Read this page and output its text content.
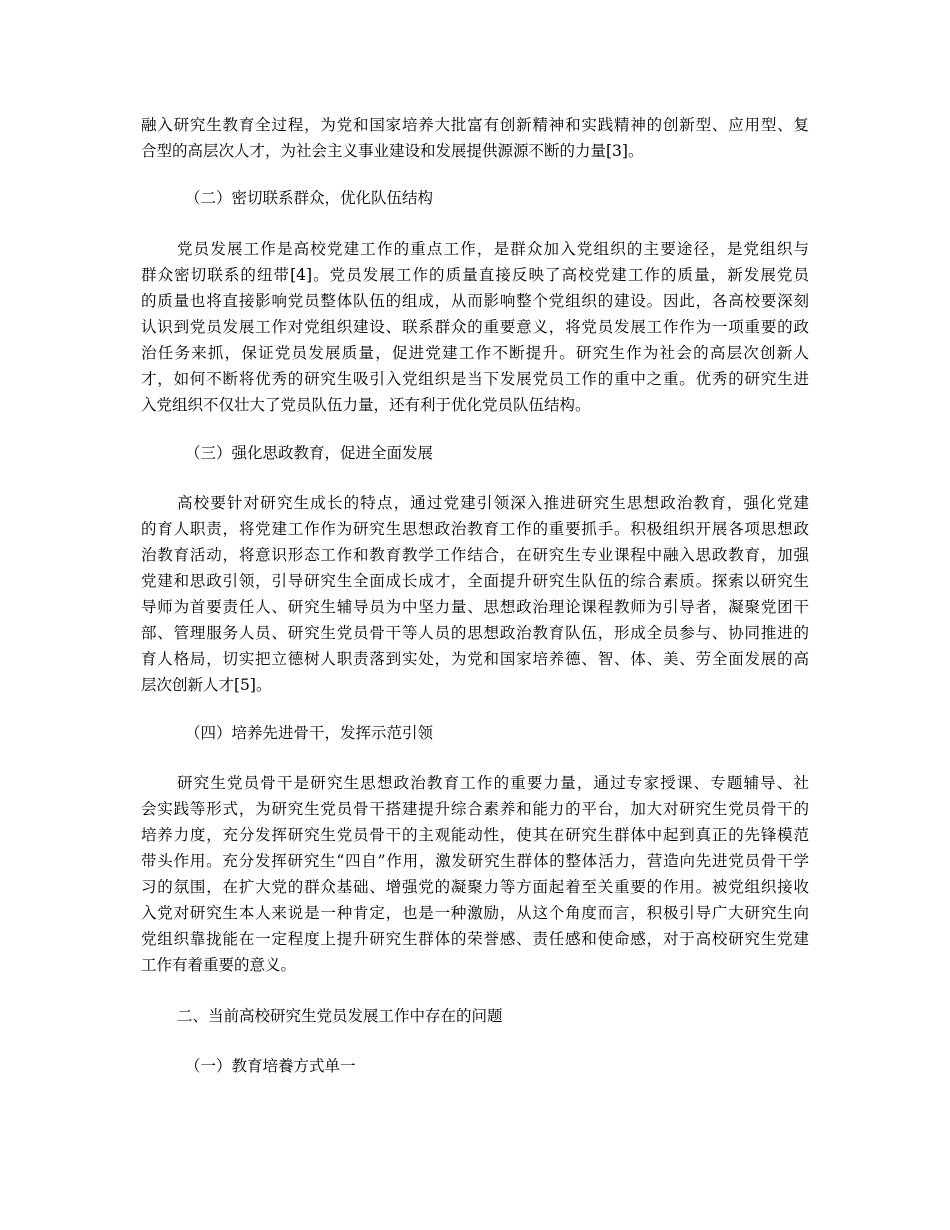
融入研究生教育全过程，为党和国家培养大批富有创新精神和实践精神的创新型、应用型、复
合型的高层次人才，为社会主义事业建设和发展提供源源不断的力量[3]。
（二）密切联系群众，优化队伍结构
党员发展工作是高校党建工作的重点工作，是群众加入党组织的主要途径，是党组织与
群众密切联系的纽带[4]。党员发展工作的质量直接反映了高校党建工作的质量，新发展党员
的质量也将直接影响党员整体队伍的组成，从而影响整个党组织的建设。因此，各高校要深刻
认识到党员发展工作对党组织建设、联系群众的重要意义，将党员发展工作作为一项重要的政
治任务来抓，保证党员发展质量，促进党建工作不断提升。研究生作为社会的高层次创新人
才，如何不断将优秀的研究生吸引入党组织是当下发展党员工作的重中之重。优秀的研究生进
入党组织不仅壮大了党员队伍力量，还有利于优化党员队伍结构。
（三）强化思政教育，促进全面发展
高校要针对研究生成长的特点，通过党建引领深入推进研究生思想政治教育，强化党建
的育人职责，将党建工作作为研究生思想政治教育工作的重要抓手。积极组织开展各项思想政
治教育活动，将意识形态工作和教育教学工作结合，在研究生专业课程中融入思政教育，加强
党建和思政引领，引导研究生全面成长成才，全面提升研究生队伍的综合素质。探索以研究生
导师为首要责任人、研究生辅导员为中坚力量、思想政治理论课程教师为引导者，凝聚党团干
部、管理服务人员、研究生党员骨干等人员的思想政治教育队伍，形成全员参与、协同推进的
育人格局，切实把立德树人职责落到实处，为党和国家培养德、智、体、美、劳全面发展的高
层次创新人才[5]。
（四）培养先进骨干，发挥示范引领
研究生党员骨干是研究生思想政治教育工作的重要力量，通过专家授课、专题辅导、社
会实践等形式，为研究生党员骨干搭建提升综合素养和能力的平台，加大对研究生党员骨干的
培养力度，充分发挥研究生党员骨干的主观能动性，使其在研究生群体中起到真正的先锋模范
带头作用。充分发挥研究生“四自”作用，激发研究生群体的整体活力，营造向先进党员骨干学
习的氛围，在扩大党的群众基础、增强党的凝聚力等方面起着至关重要的作用。被党组织接收
入党对研究生本人来说是一种肯定，也是一种激励，从这个角度而言，积极引导广大研究生向
党组织靠拢能在一定程度上提升研究生群体的荣誉感、责任感和使命感，对于高校研究生党建
工作有着重要的意义。
二、当前高校研究生党员发展工作中存在的问题
（一）教育培養方式单一
